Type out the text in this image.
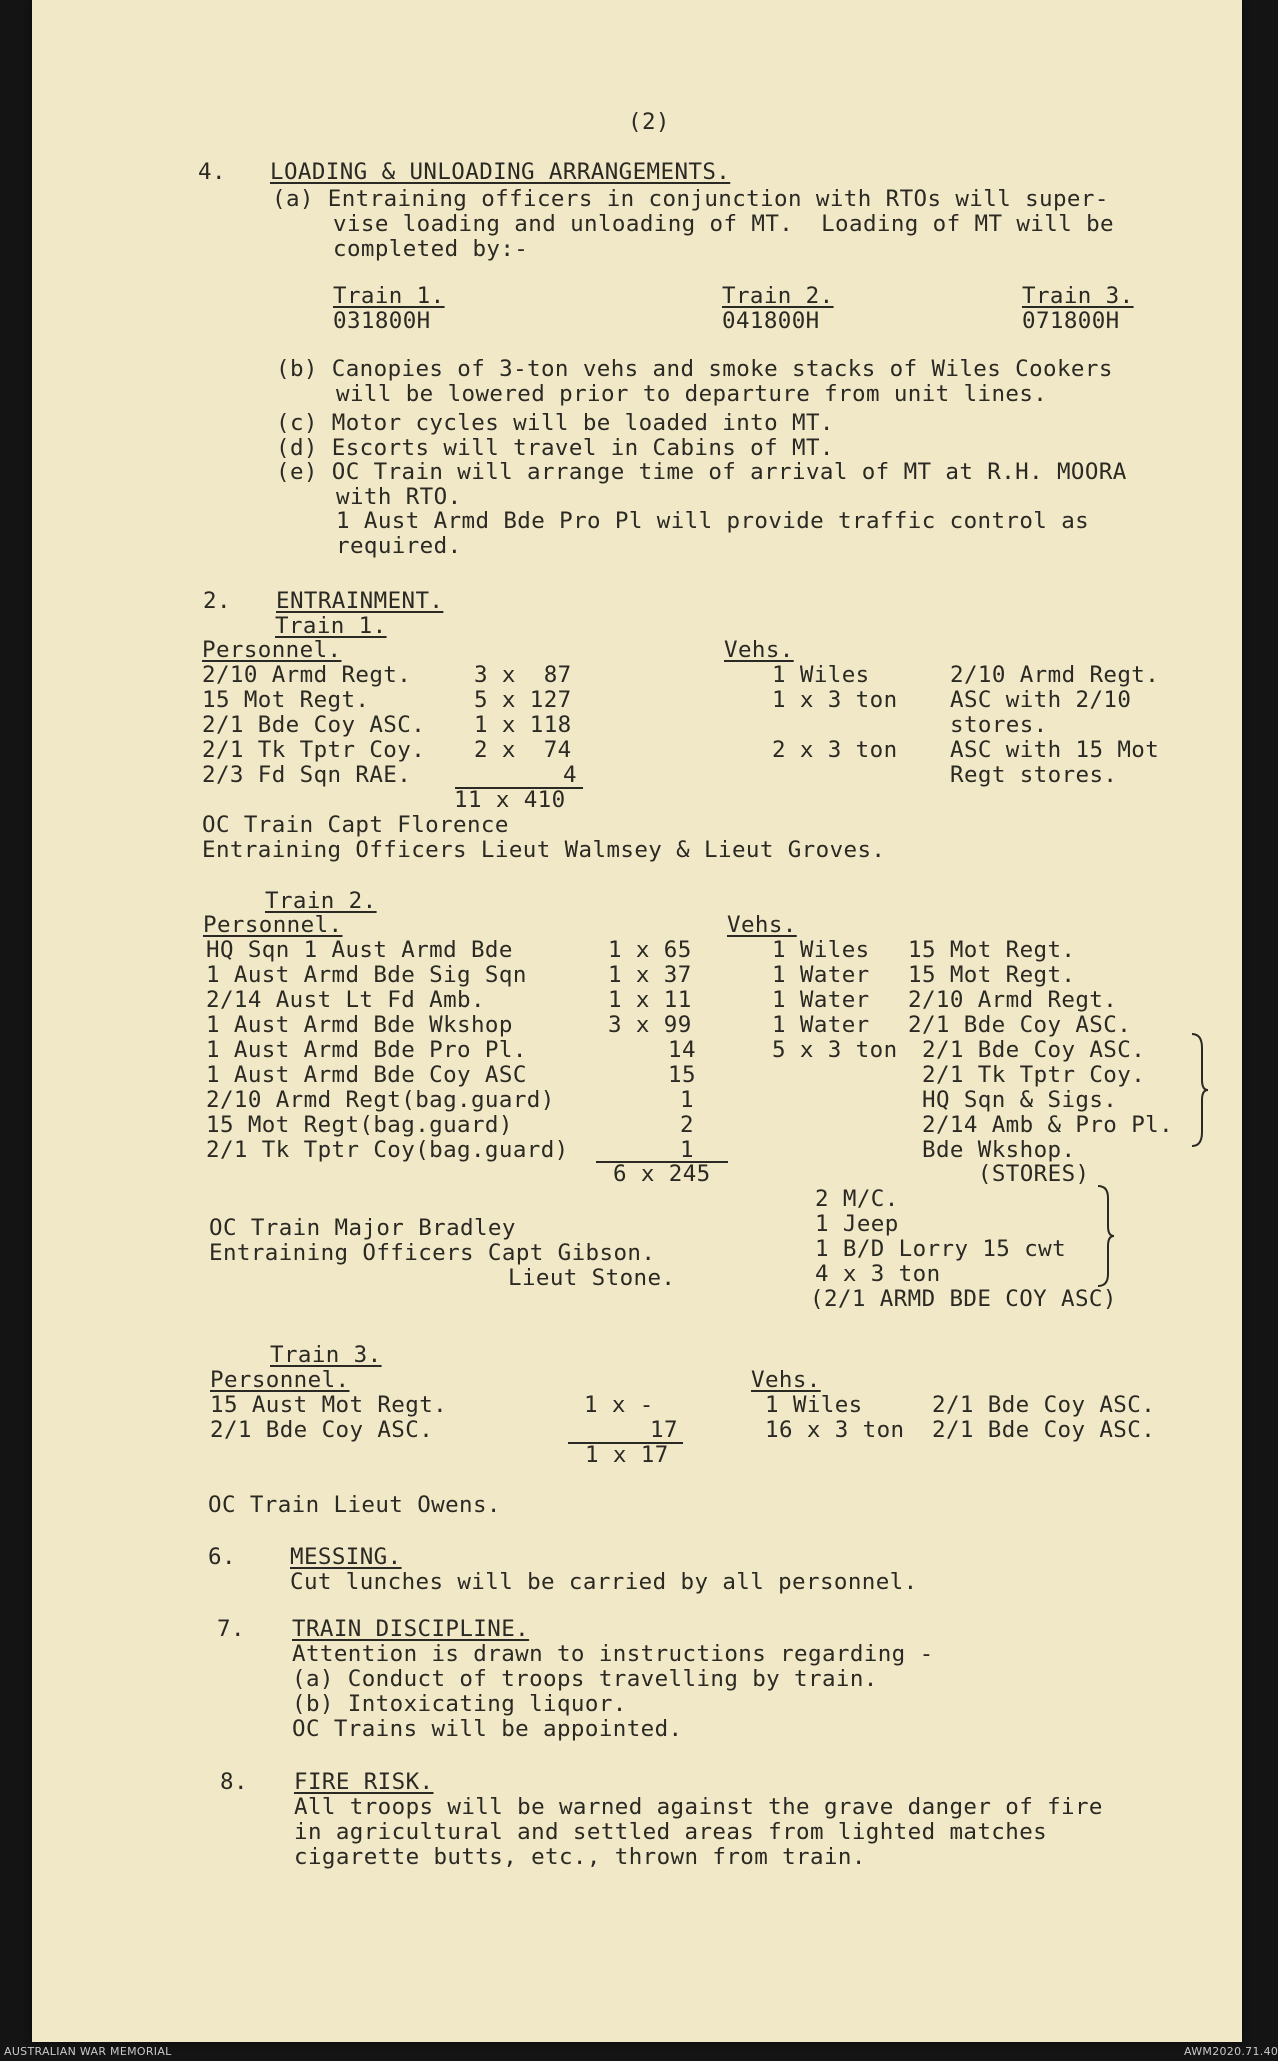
(2)
4. LOADING & UNLOADING ARRANGEMENTS.
(a) Entraining officers in conjunction with RTOs will super-
vise loading and unloading of MT.  Loading of MT will be
completed by:-
Train 1.
031800H
Train 2.
041800H
Train 3.
071800H
(b) Canopies of 3-ton vehs and smoke stacks of Wiles Cookers
will be lowered prior to departure from unit lines.
(c) Motor cycles will be loaded into MT.
(d) Escorts will travel in Cabins of MT.
(e) OC Train will arrange time of arrival of MT at R.H. MOORA
with RTO.
1 Aust Armd Bde Pro Pl will provide traffic control as
required.
2. ENTRAINMENT.
Train 1.
Personnel.
2/10 Armd Regt.	3 x  87
15 Mot Regt.	5 x 127
2/1 Bde Coy ASC. 1 x 118
2/1 Tk Tptr Coy. 2 x  74
2/3 Fd Sqn RAE.	4
11 x 410
Vehs.
1 Wiles	2/10 Armd Regt.
1 x 3 ton ASC with 2/10
stores.
2 x 3 ton ASC with 15 Mot
Regt stores.
OC Train Capt Florence
Entraining Officers Lieut Walmsey & Lieut Groves.
Train 2.
Personnel.
HQ Sqn 1 Aust Armd Bde	1 x 65
1 Aust Armd Bde Sig Sqn	1 x 37
2/14 Aust Lt Fd Amb.	1 x 11
1 Aust Armd Bde Wkshop	3 x 99
1 Aust Armd Bde Pro Pl.	14
1 Aust Armd Bde Coy ASC	15
2/10 Armd Regt(bag.guard)	1
15 Mot Regt(bag.guard)	2
2/1 Tk Tptr Coy(bag.guard)	1
6 x 245
Vehs.
1 Wiles 15 Mot Regt.
1 Water 15 Mot Regt.
1 Water 2/10 Armd Regt.
1 Water 2/1 Bde Coy ASC.
5 x 3 ton 2/1 Bde Coy ASC.
2/1 Tk Tptr Coy.
HQ Sqn & Sigs.
2/14 Amb & Pro Pl.
Bde Wkshop.
(STORES)
2 M/C.
1 Jeep
1 B/D Lorry 15 cwt
4 x 3 ton
(2/1 ARMD BDE COY ASC)
OC Train Major Bradley
Entraining Officers Capt Gibson.
Lieut Stone.
Train 3.
Personnel.
15 Aust Mot Regt.	1 x -
2/1 Bde Coy ASC.	17
1 x 17
Vehs.
1 Wiles	2/1 Bde Coy ASC.
16 x 3 ton 2/1 Bde Coy ASC.
OC Train Lieut Owens.
6. MESSING.
Cut lunches will be carried by all personnel.
7. TRAIN DISCIPLINE.
Attention is drawn to instructions regarding -
(a) Conduct of troops travelling by train.
(b) Intoxicating liquor.
OC Trains will be appointed.
8. FIRE RISK.
All troops will be warned against the grave danger of fire
in agricultural and settled areas from lighted matches
cigarette butts, etc., thrown from train.
AUSTRALIAN WAR MEMORIAL	AWM2020.71.40
